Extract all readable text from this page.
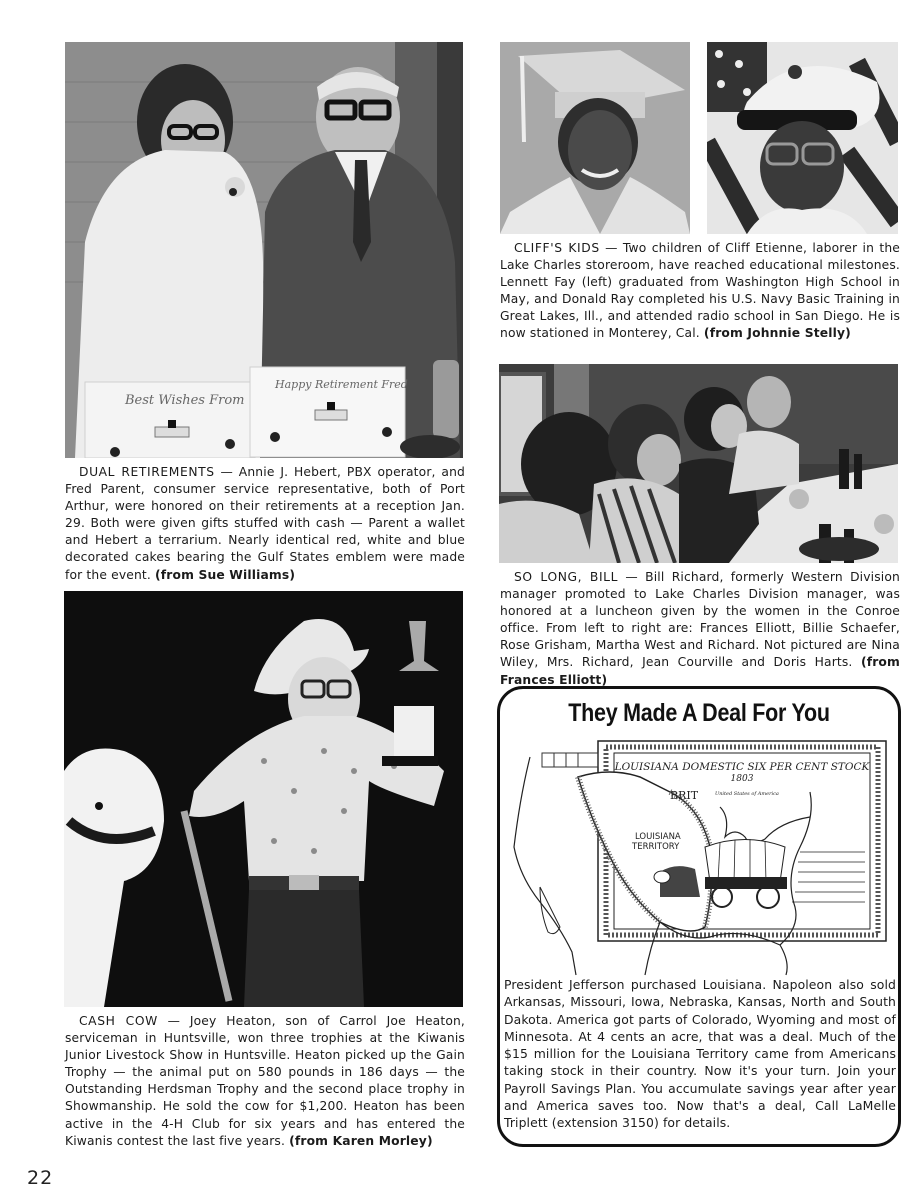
Best Wishes From
Happy Retirement Fred
DUAL RETIREMENTS — Annie J. Hebert, PBX operator, and Fred Parent, consumer service representative, both of Port Arthur, were honored on their retirements at a reception Jan. 29. Both were given gifts stuffed with cash — Parent a wallet and Hebert a terrarium. Nearly identical red, white and blue decorated cakes bearing the Gulf States emblem were made for the event. (from Sue Williams)
CLIFF'S KIDS — Two children of Cliff Etienne, laborer in the Lake Charles storeroom, have reached educational milestones. Lennett Fay (left) graduated from Washington High School in May, and Donald Ray completed his U.S. Navy Basic Training in Great Lakes, Ill., and attended radio school in San Diego. He is now stationed in Monterey, Cal. (from Johnnie Stelly)
SO LONG, BILL — Bill Richard, formerly Western Division manager promoted to Lake Charles Division manager, was honored at a luncheon given by the women in the Conroe office. From left to right are: Frances Elliott, Billie Schaefer, Rose Grisham, Martha West and Richard. Not pictured are Nina Wiley, Mrs. Richard, Jean Courville and Doris Harts. (from Frances Elliott)
CASH COW — Joey Heaton, son of Carrol Joe Heaton, serviceman in Huntsville, won three trophies at the Kiwanis Junior Livestock Show in Huntsville. Heaton picked up the Gain Trophy — the animal put on 580 pounds in 186 days — the Outstanding Herdsman Trophy and the second place trophy in Showmanship. He sold the cow for $1,200. Heaton has been active in the 4-H Club for six years and has entered the Kiwanis contest the last five years. (from Karen Morley)
They Made A Deal For You
LOUISIANA DOMESTIC SIX PER CENT STOCK
1803
LOUISIANA
TERRITORY
BRIT	United States of America
President Jefferson purchased Louisiana. Napoleon also sold Arkansas, Missouri, Iowa, Nebraska, Kansas, North and South Dakota. America got parts of Colorado, Wyoming and most of Minnesota. At 4 cents an acre, that was a deal. Much of the $15 million for the Louisiana Territory came from Americans taking stock in their country. Now it's your turn. Join your Payroll Savings Plan. You accumulate savings year after year and America saves too. Now that's a deal, Call LaMelle Triplett (extension 3150) for details.
22
